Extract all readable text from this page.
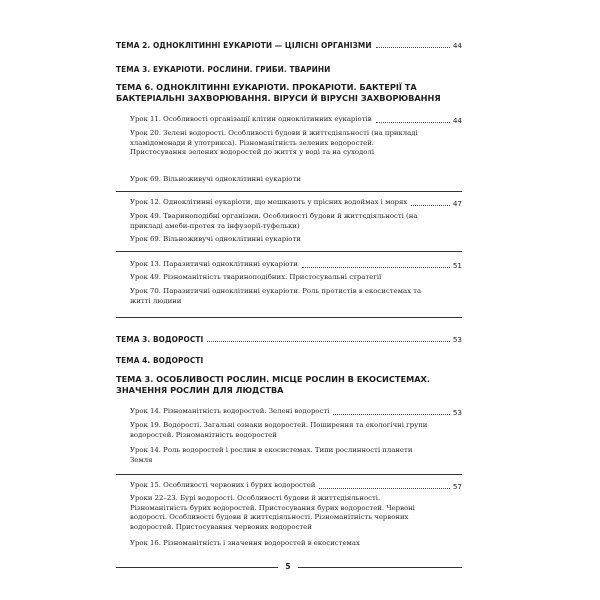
ТЕМА 2. ОДНОКЛІТИННІ ЕУКАРІОТИ — ЦІЛІСНІ ОРГАНІЗМИ	44
ТЕМА 3. ЕУКАРІОТИ. РОСЛИНИ. ГРИБИ. ТВАРИНИ
ТЕМА 6. ОДНОКЛІТИННІ ЕУКАРІОТИ. ПРОКАРІОТИ. БАКТЕРІЇ ТА БАКТЕРІАЛЬНІ ЗАХВОРЮВАННЯ. ВІРУСИ Й ВІРУСНІ ЗАХВОРЮВАННЯ
Урок 11. Особливості організації клітин одноклітинних еукаріотів	44
Урок 20. Зелені водорості. Особливості будови й життєдіяльності (на прикладі хламідомонади й улотрикса). Різноманітність зелених водоростей. Пристосування зелених водоростей до життя у воді та на суходолі
Урок 69. Вільноживучі одноклітинні еукаріоти
Урок 12. Одноклітинні еукаріоти, що мешкають у прісних водоймах і морях	47
Урок 49. Твариноподібні організми. Особливості будови й життєдіяльності (на прикладі амеби-протея та інфузорії-туфельки)
Урок 69. Вільноживучі одноклітинні еукаріоти
Урок 13. Паразитичні одноклітинні еукаріоти	51
Урок 49. Різноманітність твариноподібних. Пристосувальні стратегії
Урок 70. Паразитичні одноклітинні еукаріоти. Роль протистів в екосистемах та житті людини
ТЕМА 3. ВОДОРОСТІ	53
ТЕМА 4. ВОДОРОСТІ
ТЕМА 3. ОСОБЛИВОСТІ РОСЛИН. МІСЦЕ РОСЛИН В ЕКОСИСТЕМАХ. ЗНАЧЕННЯ РОСЛИН ДЛЯ ЛЮДСТВА
Урок 14. Різноманітність водоростей. Зелені водорості	53
Урок 19. Водорості. Загальні ознаки водоростей. Поширення та екологічні групи водоростей. Різноманітність водоростей
Урок 14. Роль водоростей і рослин в екосистемах. Типи рослинності планети Земля
Урок 15. Особливості червоних і бурих водоростей	57
Уроки 22–23. Бурі водорості. Особливості будови й життєдіяльності. Різноманітність бурих водоростей. Пристосування бурих водоростей. Червоні водорості. Особливості будови й життєдіяльності. Різноманітність червоних водоростей. Пристосування червоних водоростей
Урок 16. Різноманітність і значення водоростей в екосистемах
5
